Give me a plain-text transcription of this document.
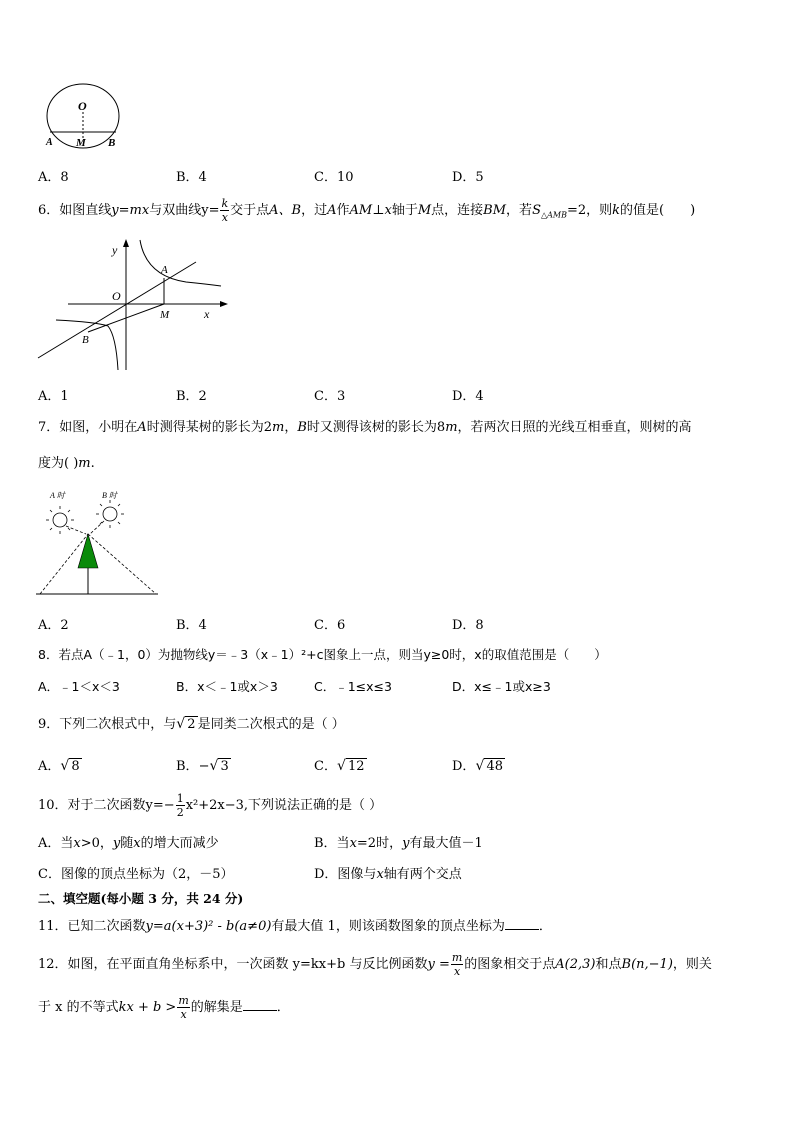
O
A M B
A．8	B．4	C．10	D．5
6．如图直线y=mx与双曲线$y= \frac{k}{x}$ 交于点A、B，过A作AM⊥x轴于M点，连接BM，若$S_{\triangle AMB}=2$，则k的值是(　　)
y
O
A
M	x
B
A．1	B．2	C．3	D．4
7．如图，小明在A时测得某树的影长为2m，B时又测得该树的影长为8m，若两次日照的光线互相垂直，则树的高
度为( )m.
A 时	B 时
A．2	B．4	C．6	D．8
8．若点A（﹣1，0）为抛物线y＝﹣3（x﹣1）²+c图象上一点，则当y≥0时，x的取值范围是（　　）
A．﹣1＜x＜3	B．x＜﹣1或x＞3	C．﹣1≤x≤3	D．x≤﹣1或x≥3
9．下列二次根式中，与 √ 2 是同类二次根式的是（ ）
A． √ 8	B．− √ 3	C． √ 12	D． √ 48
10．对于二次函数$y=- \frac{1}{2} x^2+2x-3$,下列说法正确的是（ ）
A．当x>0，y随x的增大而减少	B．当x=2时，y有最大值－1
C．图像的顶点坐标为（2，－5）	D．图像与x轴有两个交点
二、填空题(每小题 3 分，共 24 分)
11．已知二次函数y=a(x+3)² - b(a≠0)有最大值 1，则该函数图象的顶点坐标为	．
12．如图，在平面直角坐标系中，一次函数 y=kx+b 与反比例函数$y = \frac{m}{x}$ 的图象相交于点A(2,3)和点B(n,−1)，则关
于 x 的不等式kx + $b > \frac{m}{x}$ 的解集是	．
